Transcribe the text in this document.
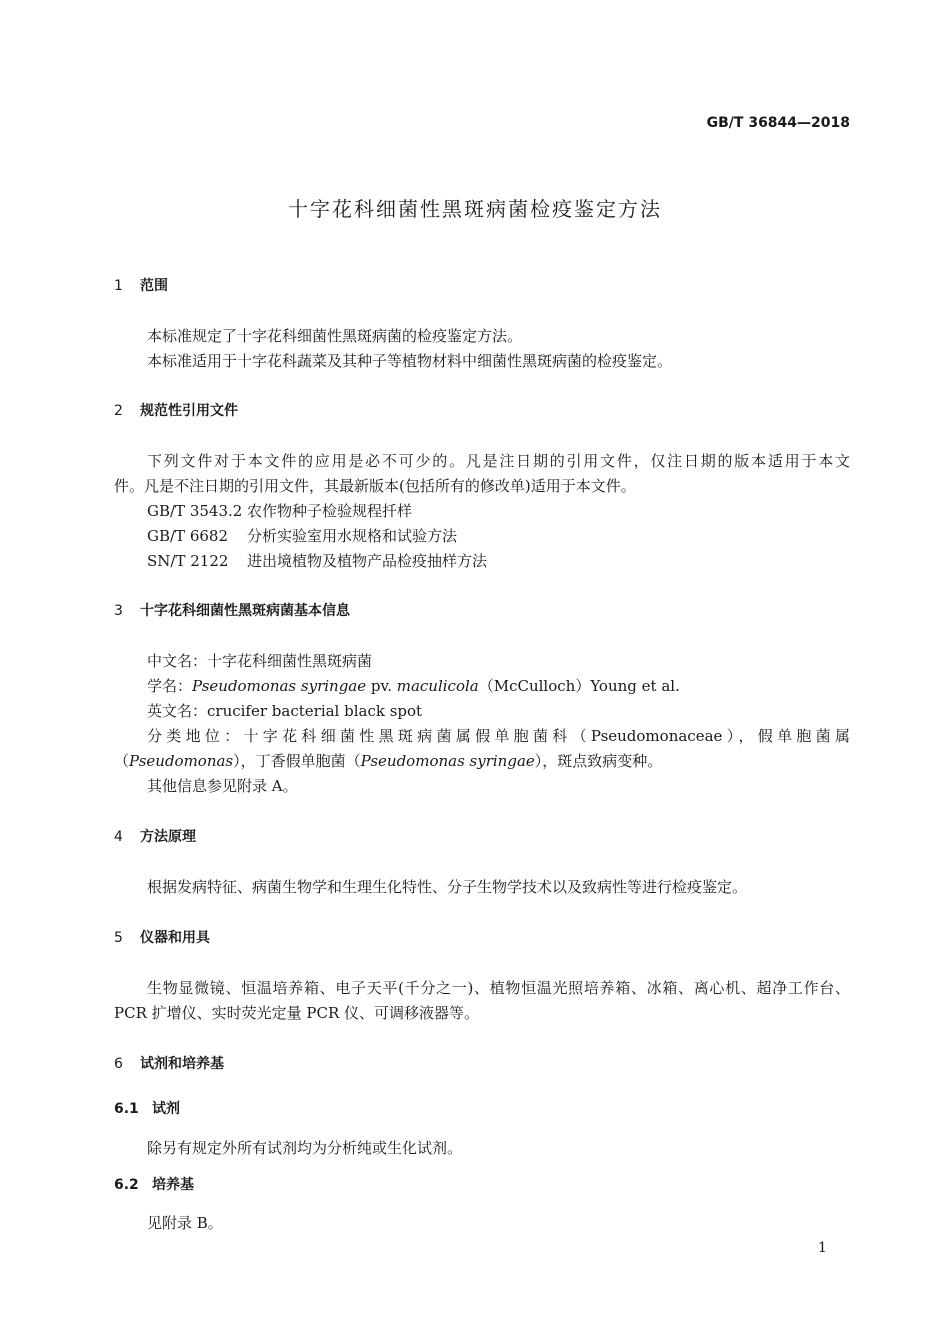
GB/T 36844—2018
十字花科细菌性黑斑病菌检疫鉴定方法
1 范围
本标准规定了十字花科细菌性黑斑病菌的检疫鉴定方法。
本标准适用于十字花科蔬菜及其种子等植物材料中细菌性黑斑病菌的检疫鉴定。
2 规范性引用文件
下列文件对于本文件的应用是必不可少的。凡是注日期的引用文件，仅注日期的版本适用于本文
件。凡是不注日期的引用文件，其最新版本(包括所有的修改单)适用于本文件。
GB/T 3543.2 农作物种子检验规程扦样
GB/T 6682 分析实验室用水规格和试验方法
SN/T 2122 进出境植物及植物产品检疫抽样方法
3 十字花科细菌性黑斑病菌基本信息
中文名：十字花科细菌性黑斑病菌
学名：Pseudomonas syringae pv. maculicola（McCulloch）Young et al.
英文名：crucifer bacterial black spot
分类地位：十字花科细菌性黑斑病菌属假单胞菌科（Pseudomonaceae），假单胞菌属
（Pseudomonas），丁香假单胞菌（Pseudomonas syringae），斑点致病变种。
其他信息参见附录 A。
4 方法原理
根据发病特征、病菌生物学和生理生化特性、分子生物学技术以及致病性等进行检疫鉴定。
5 仪器和用具
生物显微镜、恒温培养箱、电子天平(千分之一)、植物恒温光照培养箱、冰箱、离心机、超净工作台、
PCR 扩增仪、实时荧光定量 PCR 仪、可调移液器等。
6 试剂和培养基
6.1 试剂
除另有规定外所有试剂均为分析纯或生化试剂。
6.2 培养基
见附录 B。
1
